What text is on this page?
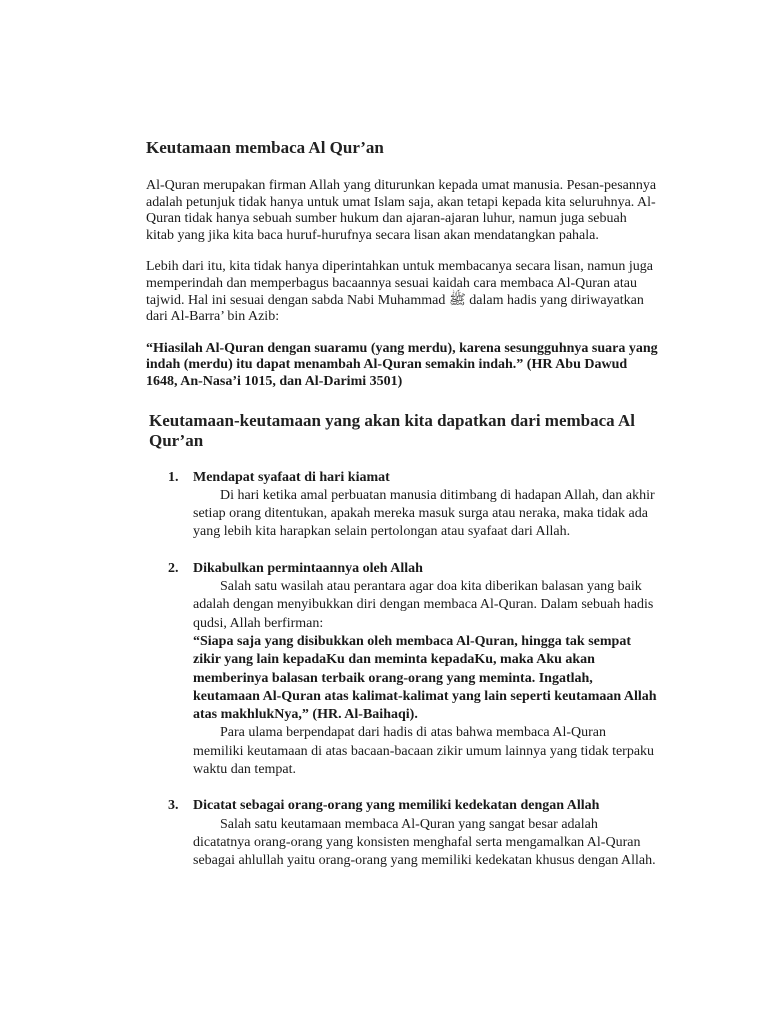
Keutamaan membaca Al Qur’an

Al-Quran merupakan firman Allah yang diturunkan kepada umat manusia. Pesan-pesannya adalah petunjuk tidak hanya untuk umat Islam saja, akan tetapi kepada kita seluruhnya. Al-Quran tidak hanya sebuah sumber hukum dan ajaran-ajaran luhur, namun juga sebuah kitab yang jika kita baca huruf-hurufnya secara lisan akan mendatangkan pahala.

Lebih dari itu, kita tidak hanya diperintahkan untuk membacanya secara lisan, namun juga memperindah dan memperbagus bacaannya sesuai kaidah cara membaca Al-Quran atau tajwid. Hal ini sesuai dengan sabda Nabi Muhammad ﷺ dalam hadis yang diriwayatkan dari Al-Barra’ bin Azib:

“Hiasilah Al-Quran dengan suaramu (yang merdu), karena sesungguhnya suara yang indah (merdu) itu dapat menambah Al-Quran semakin indah.” (HR Abu Dawud 1648, An-Nasa’i 1015, dan Al-Darimi 3501)

Keutamaan-keutamaan yang akan kita dapatkan dari membaca Al Qur’an
1. Mendapat syafaat di hari kiamat
Di hari ketika amal perbuatan manusia ditimbang di hadapan Allah, dan akhir setiap orang ditentukan, apakah mereka masuk surga atau neraka, maka tidak ada yang lebih kita harapkan selain pertolongan atau syafaat dari Allah.
2. Dikabulkan permintaannya oleh Allah
Salah satu wasilah atau perantara agar doa kita diberikan balasan yang baik adalah dengan menyibukkan diri dengan membaca Al-Quran. Dalam sebuah hadis qudsi, Allah berfirman:
“Siapa saja yang disibukkan oleh membaca Al-Quran, hingga tak sempat zikir yang lain kepadaKu dan meminta kepadaKu, maka Aku akan memberinya balasan terbaik orang-orang yang meminta. Ingatlah, keutamaan Al-Quran atas kalimat-kalimat yang lain seperti keutamaan Allah atas makhlukNya,” (HR. Al-Baihaqi).
Para ulama berpendapat dari hadis di atas bahwa membaca Al-Quran memiliki keutamaan di atas bacaan-bacaan zikir umum lainnya yang tidak terpaku waktu dan tempat.
3. Dicatat sebagai orang-orang yang memiliki kedekatan dengan Allah
Salah satu keutamaan membaca Al-Quran yang sangat besar adalah dicatatnya orang-orang yang konsisten menghafal serta mengamalkan Al-Quran sebagai ahlullah yaitu orang-orang yang memiliki kedekatan khusus dengan Allah.
